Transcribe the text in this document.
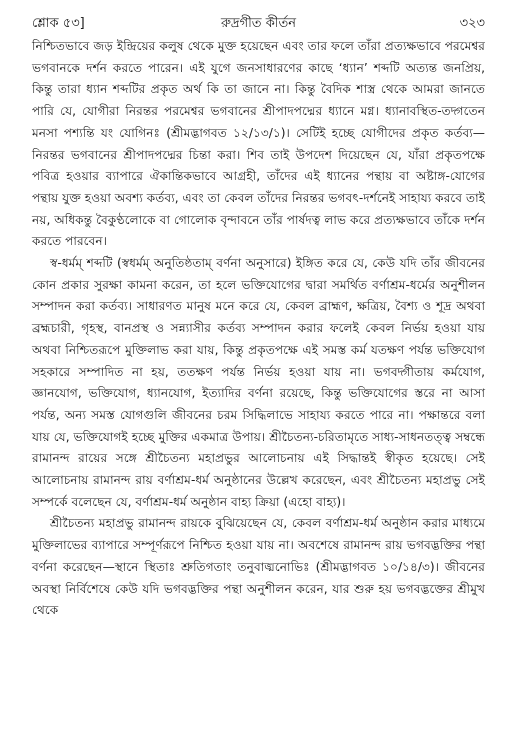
শ্লোক ৫৩]	রুদ্রগীত কীর্তন	৩২৩

নিশ্চিতভাবে জড় ইন্দ্রিয়ের কলুষ থেকে মুক্ত হয়েছেন এবং তার ফলে তাঁরা প্রত্যক্ষভাবে পরমেশ্বর ভগবানকে দর্শন করতে পারেন। এই যুগে জনসাধারণের কাছে ‘ধ্যান’ শব্দটি অত্যন্ত জনপ্রিয়, কিন্তু তারা ধ্যান শব্দটির প্রকৃত অর্থ কি তা জানে না। কিন্তু বৈদিক শাস্ত্র থেকে আমরা জানতে পারি যে, যোগীরা নিরন্তর পরমেশ্বর ভগবানের শ্রীপাদপদ্মের ধ্যানে মগ্ন। ধ্যানাবস্থিত-তদ্গতেন মনসা পশ্যন্তি যং যোগিনঃ (শ্রীমদ্ভাগবত ১২/১৩/১)। সেটিই হচ্ছে যোগীদের প্রকৃত কর্তব্য—নিরন্তর ভগবানের শ্রীপাদপদ্মের চিন্তা করা। শিব তাই উপদেশ দিয়েছেন যে, যাঁরা প্রকৃতপক্ষে পবিত্র হওয়ার ব্যাপারে ঐকান্তিকভাবে আগ্রহী, তাঁদের এই ধ্যানের পন্থায় বা অষ্টাঙ্গ-যোগের পন্থায় যুক্ত হওয়া অবশ্য কর্তব্য, এবং তা কেবল তাঁদের নিরন্তর ভগবৎ-দর্শনেই সাহায্য করবে তাই নয়, অধিকন্তু বৈকুণ্ঠলোকে বা গোলোক বৃন্দাবনে তাঁর পার্ষদত্ব লাভ করে প্রত্যক্ষভাবে তাঁকে দর্শন করতে পারবেন।

স্ব-ধর্মম্ শব্দটি (স্বধর্মম্ অনুতিষ্ঠতাম্ বর্ণনা অনুসারে) ইঙ্গিত করে যে, কেউ যদি তাঁর জীবনের কোন প্রকার সুরক্ষা কামনা করেন, তা হলে ভক্তিযোগের দ্বারা সমর্থিত বর্ণাশ্রম-ধর্মের অনুশীলন সম্পাদন করা কর্তব্য। সাধারণত মানুষ মনে করে যে, কেবল ব্রাহ্মণ, ক্ষত্রিয়, বৈশ্য ও শূদ্র অথবা ব্রহ্মচারী, গৃহস্থ, বানপ্রস্থ ও সন্ন্যাসীর কর্তব্য সম্পাদন করার ফলেই কেবল নির্ভয় হওয়া যায় অথবা নিশ্চিতরূপে মুক্তিলাভ করা যায়, কিন্তু প্রকৃতপক্ষে এই সমস্ত কর্ম যতক্ষণ পর্যন্ত ভক্তিযোগ সহকারে সম্পাদিত না হয়, ততক্ষণ পর্যন্ত নির্ভয় হওয়া যায় না। ভগবদ্গীতায় কর্মযোগ, জ্ঞানযোগ, ভক্তিযোগ, ধ্যানযোগ, ইত্যাদির বর্ণনা রয়েছে, কিন্তু ভক্তিযোগের স্তরে না আসা পর্যন্ত, অন্য সমস্ত যোগগুলি জীবনের চরম সিদ্ধিলাভে সাহায্য করতে পারে না। পক্ষান্তরে বলা যায় যে, ভক্তিযোগই হচ্ছে মুক্তির একমাত্র উপায়। শ্রীচৈতন্য-চরিতামৃতে সাধ্য-সাধনতত্ত্ব সম্বন্ধে রামানন্দ রায়ের সঙ্গে শ্রীচৈতন্য মহাপ্রভুর আলোচনায় এই সিদ্ধান্তই স্বীকৃত হয়েছে। সেই আলোচনায় রামানন্দ রায় বর্ণাশ্রম-ধর্ম অনুষ্ঠানের উল্লেখ করেছেন, এবং শ্রীচৈতন্য মহাপ্রভু সেই সম্পর্কে বলেছেন যে, বর্ণাশ্রম-ধর্ম অনুষ্ঠান বাহ্য ক্রিয়া (এহো বাহ্য)।

শ্রীচৈতন্য মহাপ্রভু রামানন্দ রায়কে বুঝিয়েছেন যে, কেবল বর্ণাশ্রম-ধর্ম অনুষ্ঠান করার মাধ্যমে মুক্তিলাভের ব্যাপারে সম্পূর্ণরূপে নিশ্চিত হওয়া যায় না। অবশেষে রামানন্দ রায় ভগবদ্ভক্তির পন্থা বর্ণনা করেছেন—স্থানে স্থিতাঃ শ্রুতিগতাং তনুবাঙ্মনোভিঃ (শ্রীমদ্ভাগবত ১০/১৪/৩)। জীবনের অবস্থা নির্বিশেষে কেউ যদি ভগবদ্ভক্তির পন্থা অনুশীলন করেন, যার শুরু হয় ভগবদ্ভক্তের শ্রীমুখ থেকে
